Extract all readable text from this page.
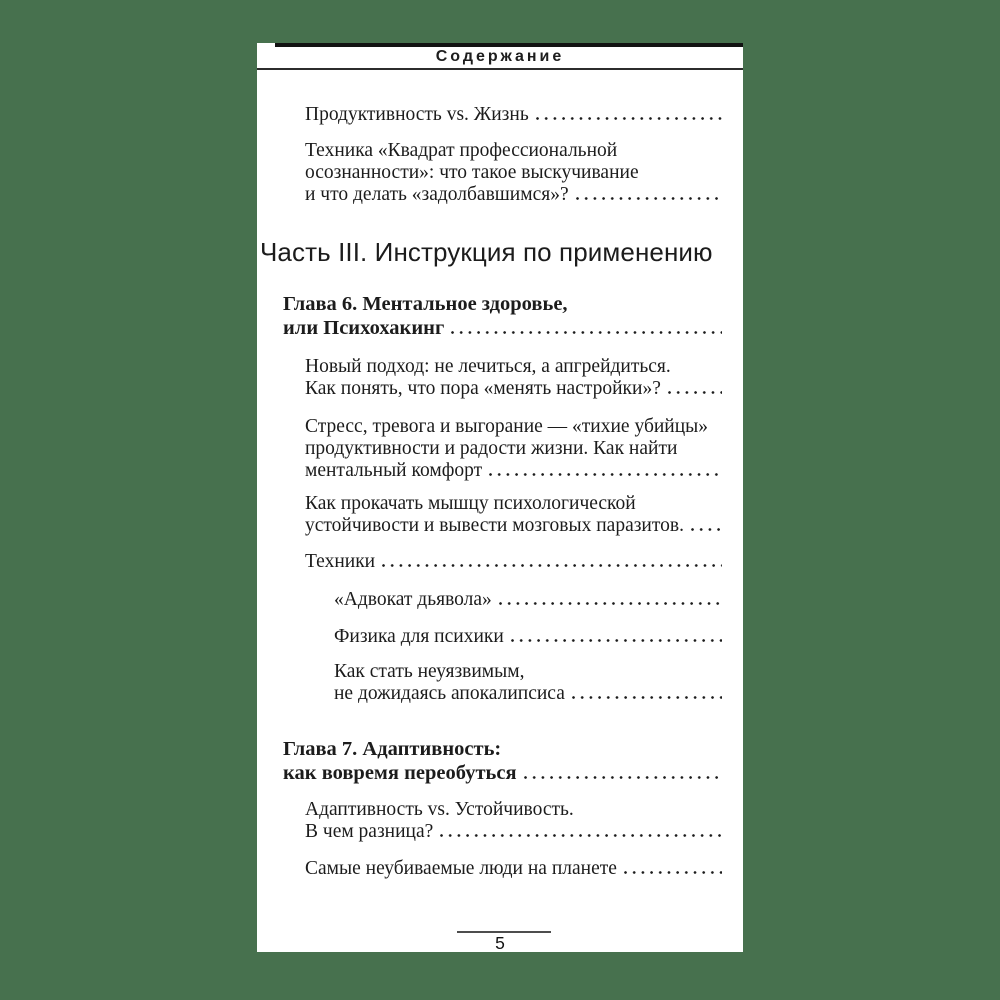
Содержание
Продуктивность vs. Жизнь
Техника «Квадрат профессиональной
осознанности»: что такое выскучивание
и что делать «задолбавшимся»?
Часть III. Инструкция по применению
Глава 6. Ментальное здоровье,
или Психохакинг
Новый подход: не лечиться, а апгрейдиться.
Как понять, что пора «менять настройки»?
Стресс, тревога и выгорание — «тихие убийцы»
продуктивности и радости жизни. Как найти
ментальный комфорт
Как прокачать мышцу психологической
устойчивости и вывести мозговых паразитов.
Техники
«Адвокат дьявола»
Физика для психики
Как стать неуязвимым,
не дожидаясь апокалипсиса
Глава 7. Адаптивность:
как вовремя переобуться
Адаптивность vs. Устойчивость.
В чем разница?
Самые неубиваемые люди на планете
5
